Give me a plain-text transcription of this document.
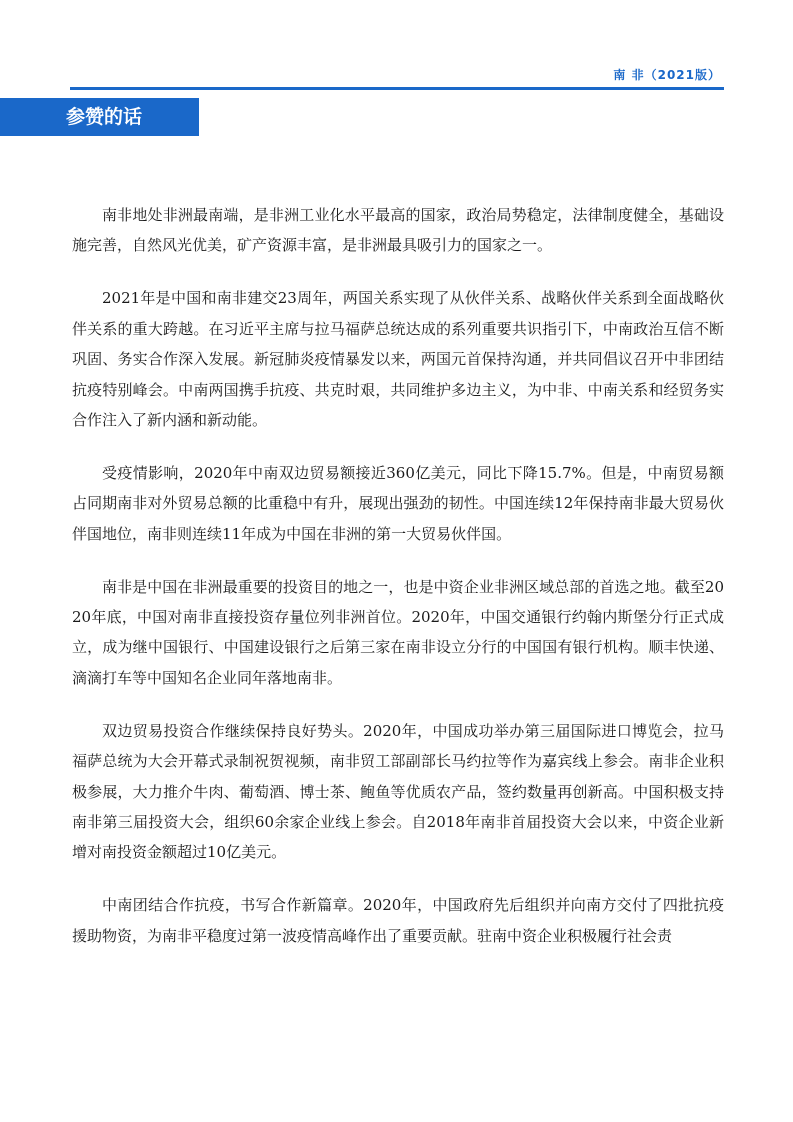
南 非（2021版）
参赞的话

南非地处非洲最南端，是非洲工业化水平最高的国家，政治局势稳定，法律制度健全，基础设施完善，自然风光优美，矿产资源丰富，是非洲最具吸引力的国家之一。

2021年是中国和南非建交23周年，两国关系实现了从伙伴关系、战略伙伴关系到全面战略伙伴关系的重大跨越。在习近平主席与拉马福萨总统达成的系列重要共识指引下，中南政治互信不断巩固、务实合作深入发展。新冠肺炎疫情暴发以来，两国元首保持沟通，并共同倡议召开中非团结抗疫特别峰会。中南两国携手抗疫、共克时艰，共同维护多边主义，为中非、中南关系和经贸务实合作注入了新内涵和新动能。

受疫情影响，2020年中南双边贸易额接近360亿美元，同比下降15.7%。但是，中南贸易额占同期南非对外贸易总额的比重稳中有升，展现出强劲的韧性。中国连续12年保持南非最大贸易伙伴国地位，南非则连续11年成为中国在非洲的第一大贸易伙伴国。

南非是中国在非洲最重要的投资目的地之一，也是中资企业非洲区域总部的首选之地。截至2020年底，中国对南非直接投资存量位列非洲首位。2020年，中国交通银行约翰内斯堡分行正式成立，成为继中国银行、中国建设银行之后第三家在南非设立分行的中国国有银行机构。顺丰快递、滴滴打车等中国知名企业同年落地南非。

双边贸易投资合作继续保持良好势头。2020年，中国成功举办第三届国际进口博览会，拉马福萨总统为大会开幕式录制祝贺视频，南非贸工部副部长马约拉等作为嘉宾线上参会。南非企业积极参展，大力推介牛肉、葡萄酒、博士茶、鲍鱼等优质农产品，签约数量再创新高。中国积极支持南非第三届投资大会，组织60余家企业线上参会。自2018年南非首届投资大会以来，中资企业新增对南投资金额超过10亿美元。

中南团结合作抗疫，书写合作新篇章。2020年，中国政府先后组织并向南方交付了四批抗疫援助物资，为南非平稳度过第一波疫情高峰作出了重要贡献。驻南中资企业积极履行社会责
